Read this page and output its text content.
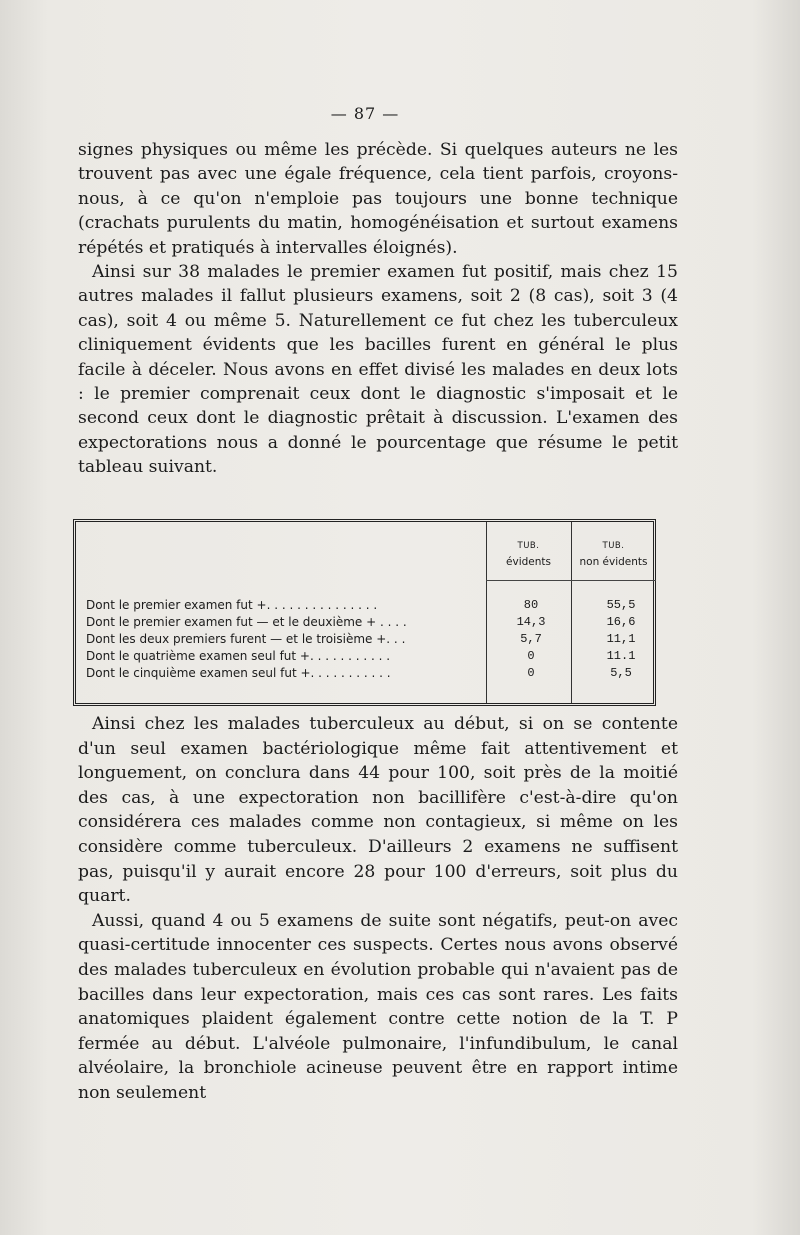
— 87 —

signes physiques ou même les précède. Si quelques auteurs ne les trouvent pas avec une égale fréquence, cela tient parfois, croyons-nous, à ce qu'on n'emploie pas toujours une bonne technique (crachats purulents du matin, homogénéisation et surtout examens répétés et pratiqués à intervalles éloignés).

Ainsi sur 38 malades le premier examen fut positif, mais chez 15 autres malades il fallut plusieurs examens, soit 2 (8 cas), soit 3 (4 cas), soit 4 ou même 5. Naturellement ce fut chez les tuberculeux cliniquement évidents que les bacilles furent en général le plus facile à déceler. Nous avons en effet divisé les malades en deux lots : le premier comprenait ceux dont le diagnostic s'imposait et le second ceux dont le diagnostic prêtait à discussion. L'examen des expectorations nous a donné le pourcentage que résume le petit tableau suivant.

TUB.
évidents
TUB.
non évidents
Dont le premier examen fut +. . . . . . . . . . . . . . .	80	55,5
Dont le premier examen fut — et le deuxième + . . . .	14,3	16,6
Dont les deux premiers furent — et le troisième +. . .	5,7	11,1
Dont le quatrième examen seul fut +. . . . . . . . . . .	0	11.1
Dont le cinquième examen seul fut +. . . . . . . . . . .	0	5,5

Ainsi chez les malades tuberculeux au début, si on se contente d'un seul examen bactériologique même fait attentivement et longuement, on conclura dans 44 pour 100, soit près de la moitié des cas, à une expectoration non bacillifère c'est-à-dire qu'on considérera ces malades comme non contagieux, si même on les considère comme tuberculeux. D'ailleurs 2 examens ne suffisent pas, puisqu'il y aurait encore 28 pour 100 d'erreurs, soit plus du quart.

Aussi, quand 4 ou 5 examens de suite sont négatifs, peut-on avec quasi-certitude innocenter ces suspects. Certes nous avons observé des malades tuberculeux en évolution probable qui n'avaient pas de bacilles dans leur expectoration, mais ces cas sont rares. Les faits anatomiques plaident également contre cette notion de la T. P fermée au début. L'alvéole pulmonaire, l'infundibulum, le canal alvéolaire, la bronchiole acineuse peuvent être en rapport intime non seulement
